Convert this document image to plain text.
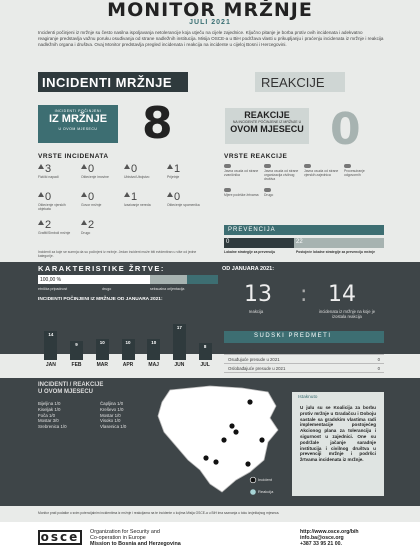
MONITOR MRŽNJE
JULI 2021
Incidenti počinjeni iz mržnje su često nasilna ispoljavanja netolerancije koja utječu na cijele zajednice. Ključno pitanje je borba protiv ovih incidenata i adekvatno reagiranje predstavlja važnu poruku osuđivanja od strane nadležnih institucija. Misija OSCE-a u BiH podržava vlasti u prikupljanju i praćenju incidenata iz mržnje i reakcija nadležnih organa i društva. Ovaj Monitor predstavlja pregled incidenata i reakcija na incidente u cijeloj Bosni i Hercegovini.
INCIDENTI MRŽNJE
INCIDENTI POČINJENI
IZ MRŽNJE
U OVOM MJESECU	8
VRSTE INCIDENATA
3
Fizički napadi
0
Oštećenje imovine
0
Ubistvo/Ubojstvo
1
Prijetnje
0
Oštećenje vjerskih objekata
0
Govor mržnje
1
Izazivanje nereda
0
Oštećenje spomenika
2
Grafiti/Simboli mržnje
2
Drugo
Incidenti za koje se sumnja da su počinjeni iz mržnje. Jedan incident može biti evidentiran u više od jedne kategorije.
REAKCIJE
REAKCIJE
NA INCIDENTE POČINJENE IZ MRŽNJE U
OVOM MJESECU 0
VRSTE REAKCIJE
Javna osuda od strane zvaničnika
Javna osuda od strane organizacija civilnog društva
Javna osuda od strane vjerskih zajednica
Procesuiranje odgovornih
Mjere podrške žrtvama	Drugo
PREVENCIJA
0	22
Lokalne strategije za prevenciju	Postojeće lokalne strategije za prevenciju mržnje
KARAKTERISTIKE ŽRTVE:
100,00 %
etnička pripadnost	drugo	seksualna orijentacija
OD JANUARA 2021:
13 : 14
reakcija	incidenata iz mržnje na koje je izostala reakcija
INCIDENTI POČINJENI IZ MRŽNJE OD JANUARA 2021:
14
JAN
9
FEB
10
MAR
10
APR
10
MAJ
17
JUN
8
JUL
SUDSKI PREDMETI
Postupci u toku	8
Osuđujuće presude u 2021	0
Oslobađajuće presude u 2021	0
INCIDENTI / REAKCIJE
U OVOM MJESECU
Bijeljina 1/0
Kiseljak 1/0
Foča 1/0
Mostar 3/0
Srebrenica 1/0
Čapljina 1/0
Kreševo 1/0
Mostar 1/0
Visoko 1/0
Vlasenica 1/0
Incident
Reakcija
Istaknuto
U julu su se Koalicija za borbu protiv mržnje u Gradačcu i Doboju sastale sa gradskim vlastima radi implementacije postojećeg Akcionog plana za toleranciju i sigurnost u zajednici. One su podržale jačanje saradnje institucija i civilnog društva u prevenciji mržnje i podršci žrtvama incidenata iz mržnje.
Monitor prati podatke o svim potencijalnim incidentima iz mržnje i reakcijama na te incidente o kojima Misija OSCE-a u BiH ima saznanja u toku izvještajnog mjeseca.
osce	Organization for Security and
Co-operation in Europe
Mission to Bosnia and Herzegovina
http://www.osce.org/bih
info.ba@osce.org
+387 33 95 21 00.
